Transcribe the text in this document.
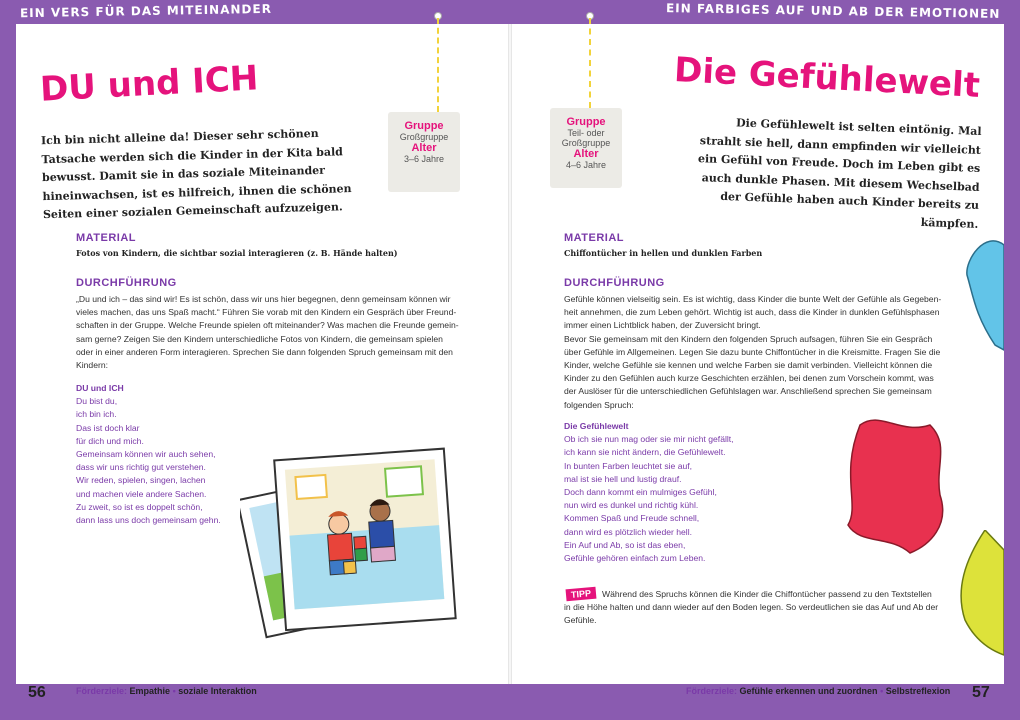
EIN VERS FÜR DAS MITEINANDER	EIN FARBIGES AUF UND AB DER EMOTIONEN
DU und ICH	Die Gefühlewelt
Ich bin nicht alleine da! Dieser sehr schönen Tatsache werden sich die Kinder in der Kita bald bewusst. Damit sie in das soziale Miteinander hineinwachsen, ist es hilfreich, ihnen die schönen Seiten einer sozialen Gemeinschaft aufzuzeigen.
Die Gefühlewelt ist selten eintönig. Mal strahlt sie hell, dann empfinden wir vielleicht ein Gefühl von Freude. Doch im Leben gibt es auch dunkle Phasen. Mit diesem Wechselbad der Gefühle haben auch Kinder bereits zu kämpfen.
Gruppe
Großgruppe
Alter
3–6 Jahre
Gruppe
Teil- oder
Großgruppe
Alter
4–6 Jahre
MATERIAL
Fotos von Kindern, die sichtbar sozial interagieren (z. B. Hände halten)
DURCHFÜHRUNG
„Du und ich – das sind wir! Es ist schön, dass wir uns hier begegnen, denn gemeinsam können wir
vieles machen, das uns Spaß macht.“ Führen Sie vorab mit den Kindern ein Gespräch über Freund-
schaften in der Gruppe. Welche Freunde spielen oft miteinander? Was machen die Freunde gemein-
sam gerne? Zeigen Sie den Kindern unterschiedliche Fotos von Kindern, die gemeinsam spielen
oder in einer anderen Form interagieren. Sprechen Sie dann folgenden Spruch gemeinsam mit den
Kindern:
DU und ICH
Du bist du,
ich bin ich.
Das ist doch klar
für dich und mich.
Gemeinsam können wir auch sehen,
dass wir uns richtig gut verstehen.
Wir reden, spielen, singen, lachen
und machen viele andere Sachen.
Zu zweit, so ist es doppelt schön,
dann lass uns doch gemeinsam gehn.
MATERIAL
Chiffontücher in hellen und dunklen Farben
DURCHFÜHRUNG
Gefühle können vielseitig sein. Es ist wichtig, dass Kinder die bunte Welt der Gefühle als Gegeben-
heit annehmen, die zum Leben gehört. Wichtig ist auch, dass die Kinder in dunklen Gefühlsphasen
immer einen Lichtblick haben, der Zuversicht bringt.
Bevor Sie gemeinsam mit den Kindern den folgenden Spruch aufsagen, führen Sie ein Gespräch
über Gefühle im Allgemeinen. Legen Sie dazu bunte Chiffontücher in die Kreismitte. Fragen Sie die
Kinder, welche Gefühle sie kennen und welche Farben sie damit verbinden. Vielleicht können die
Kinder zu den Gefühlen auch kurze Geschichten erzählen, bei denen zum Vorschein kommt, was
der Auslöser für die unterschiedlichen Gefühlslagen war. Anschließend sprechen Sie gemeinsam
folgenden Spruch:
Die Gefühlewelt
Ob ich sie nun mag oder sie mir nicht gefällt,
ich kann sie nicht ändern, die Gefühlewelt.
In bunten Farben leuchtet sie auf,
mal ist sie hell und lustig drauf.
Doch dann kommt ein mulmiges Gefühl,
nun wird es dunkel und richtig kühl.
Kommen Spaß und Freude schnell,
dann wird es plötzlich wieder hell.
Ein Auf und Ab, so ist das eben,
Gefühle gehören einfach zum Leben.
TIPP	Während des Spruchs können die Kinder die Chiffontücher passend zu den Textstellen
in die Höhe halten und dann wieder auf den Boden legen. So verdeutlichen sie das Auf und Ab der
Gefühle.
56	Förderziele: Empathie • soziale Interaktion	Förderziele: Gefühle erkennen und zuordnen • Selbstreflexion 57
